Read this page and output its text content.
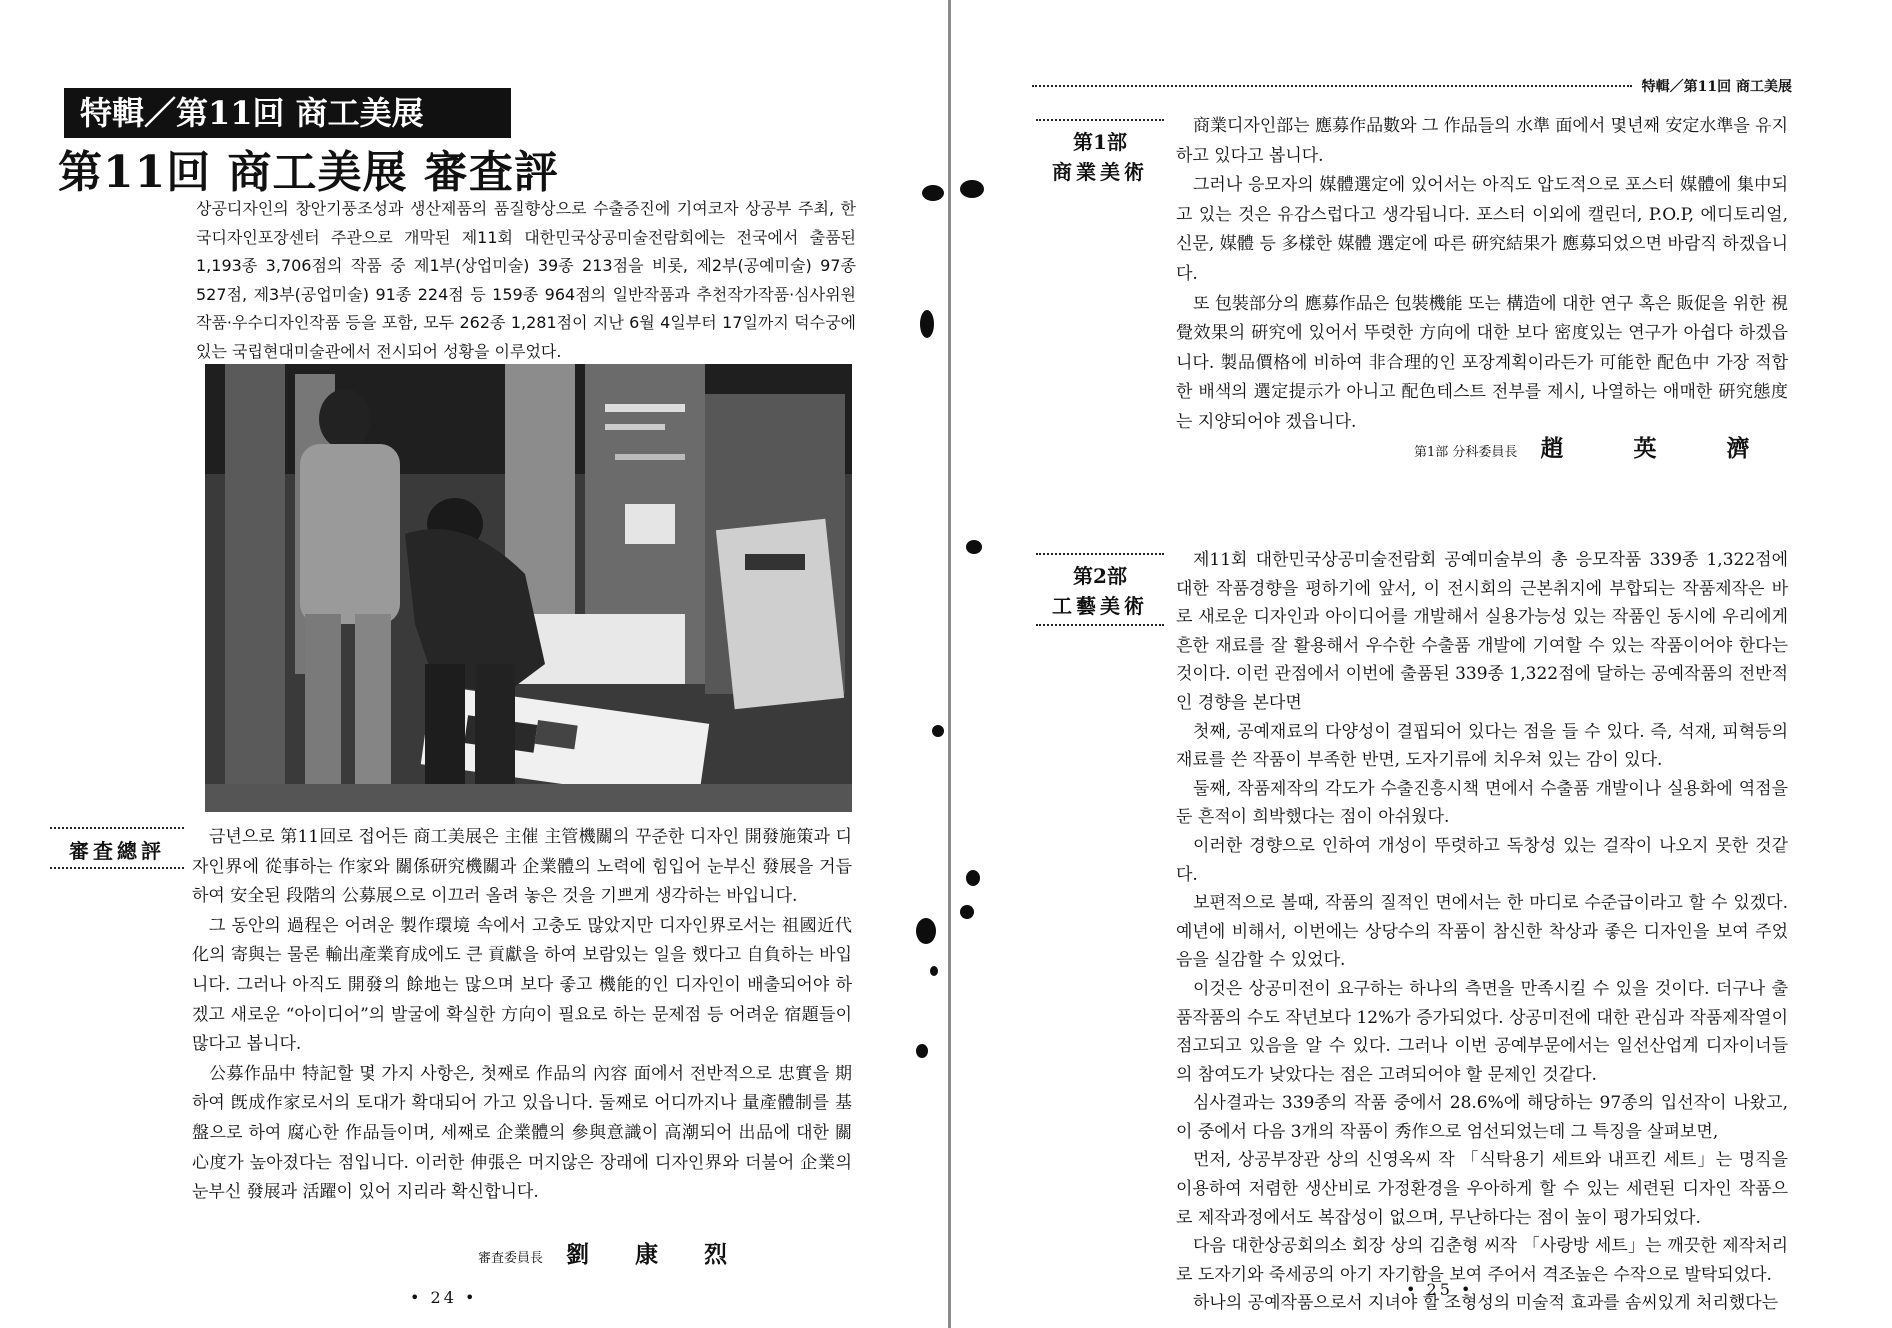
特輯／第11回 商工美展
第11回 商工美展 審査評
상공디자인의 창안기풍조성과 생산제품의 품질향상으로 수출증진에 기여코자 상공부 주최, 한국디자인포장센터 주관으로 개막된 제11회 대한민국상공미술전람회에는 전국에서 출품된 1,193종 3,706점의 작품 중 제1부(상업미술) 39종 213점을 비롯, 제2부(공예미술) 97종 527점, 제3부(공업미술) 91종 224점 등 159종 964점의 일반작품과 추천작가작품·심사위원작품·우수디자인작품 등을 포함, 모두 262종 1,281점이 지난 6월 4일부터 17일까지 덕수궁에 있는 국립현대미술관에서 전시되어 성황을 이루었다.
審査總評

금년으로 第11回로 접어든 商工美展은 主催 主管機關의 꾸준한 디자인 開發施策과 디자인界에 從事하는 作家와 關係研究機關과 企業體의 노력에 힘입어 눈부신 發展을 거듭하여 安全된 段階의 公募展으로 이끄러 올려 놓은 것을 기쁘게 생각하는 바입니다.

그 동안의 過程은 어려운 製作環境 속에서 고충도 많았지만 디자인界로서는 祖國近代化의 寄與는 물론 輸出產業育成에도 큰 貢獻을 하여 보람있는 일을 했다고 自負하는 바입니다. 그러나 아직도 開發의 餘地는 많으며 보다 좋고 機能的인 디자인이 배출되어야 하겠고 새로운 “아이디어”의 발굴에 확실한 方向이 필요로 하는 문제점 등 어려운 宿題들이 많다고 봅니다.

公募作品中 特記할 몇 가지 사항은, 첫째로 作品의 內容 面에서 전반적으로 忠實을 期하여 旣成作家로서의 토대가 확대되어 가고 있읍니다. 둘째로 어디까지나 量產體制를 基盤으로 하여 腐心한 作品들이며, 세째로 企業體의 參與意識이 高潮되어 出品에 대한 關心度가 높아졌다는 점입니다. 이러한 伸張은 머지않은 장래에 디자인界와 더불어 企業의 눈부신 發展과 活躍이 있어 지리라 확신합니다.

審査委員長 劉康烈
• 24 •
特輯／第11回 商工美展
第1部
商業美術

商業디자인部는 應募作品數와 그 作品들의 水準 面에서 몇년째 安定水準을 유지하고 있다고 봅니다.

그러나 응모자의 媒體選定에 있어서는 아직도 압도적으로 포스터 媒體에 集中되고 있는 것은 유감스럽다고 생각됩니다. 포스터 이외에 캘린더, P.O.P, 에디토리얼, 신문, 媒體 등 多樣한 媒體 選定에 따른 硏究結果가 應募되었으면 바람직 하겠읍니다.

또 包裝部分의 應募作品은 包裝機能 또는 構造에 대한 연구 혹은 販促을 위한 視覺效果의 硏究에 있어서 뚜렷한 方向에 대한 보다 密度있는 연구가 아쉽다 하겠읍니다. 製品價格에 비하여 非合理的인 포장계획이라든가 可能한 配色中 가장 적합한 배색의 選定提示가 아니고 配色테스트 전부를 제시, 나열하는 애매한 硏究態度는 지양되어야 겠읍니다.

第1部 分科委員長 趙英濟
第2部
工藝美術

제11회 대한민국상공미술전람회 공예미술부의 총 응모작품 339종 1,322점에 대한 작품경향을 평하기에 앞서, 이 전시회의 근본취지에 부합되는 작품제작은 바로 새로운 디자인과 아이디어를 개발해서 실용가능성 있는 작품인 동시에 우리에게 흔한 재료를 잘 활용해서 우수한 수출품 개발에 기여할 수 있는 작품이어야 한다는 것이다. 이런 관점에서 이번에 출품된 339종 1,322점에 달하는 공예작품의 전반적인 경향을 본다면

첫째, 공예재료의 다양성이 결핍되어 있다는 점을 들 수 있다. 즉, 석재, 피혁등의 재료를 쓴 작품이 부족한 반면, 도자기류에 치우쳐 있는 감이 있다.

둘째, 작품제작의 각도가 수출진흥시책 면에서 수출품 개발이나 실용화에 역점을 둔 흔적이 희박했다는 점이 아쉬웠다.

이러한 경향으로 인하여 개성이 뚜렷하고 독창성 있는 걸작이 나오지 못한 것같다.

보편적으로 볼때, 작품의 질적인 면에서는 한 마디로 수준급이라고 할 수 있겠다. 예년에 비해서, 이번에는 상당수의 작품이 참신한 착상과 좋은 디자인을 보여 주었음을 실감할 수 있었다.

이것은 상공미전이 요구하는 하나의 측면을 만족시킬 수 있을 것이다. 더구나 출품작품의 수도 작년보다 12%가 증가되었다. 상공미전에 대한 관심과 작품제작열이 점고되고 있음을 알 수 있다. 그러나 이번 공예부문에서는 일선산업계 디자이너들의 참여도가 낮았다는 점은 고려되어야 할 문제인 것같다.

심사결과는 339종의 작품 중에서 28.6%에 해당하는 97종의 입선작이 나왔고, 이 중에서 다음 3개의 작품이 秀作으로 엄선되었는데 그 특징을 살펴보면,

먼저, 상공부장관 상의 신영옥씨 작 「식탁용기 세트와 내프킨 세트」는 명직을 이용하여 저렴한 생산비로 가정환경을 우아하게 할 수 있는 세련된 디자인 작품으로 제작과정에서도 복잡성이 없으며, 무난하다는 점이 높이 평가되었다.

다음 대한상공회의소 회장 상의 김춘형 씨작 「사랑방 세트」는 깨끗한 제작처리로 도자기와 죽세공의 아기 자기함을 보여 주어서 격조높은 수작으로 발탁되었다.

하나의 공예작품으로서 지녀야 할 조형성의 미술적 효과를 솜씨있게 처리했다는

• 25 •
